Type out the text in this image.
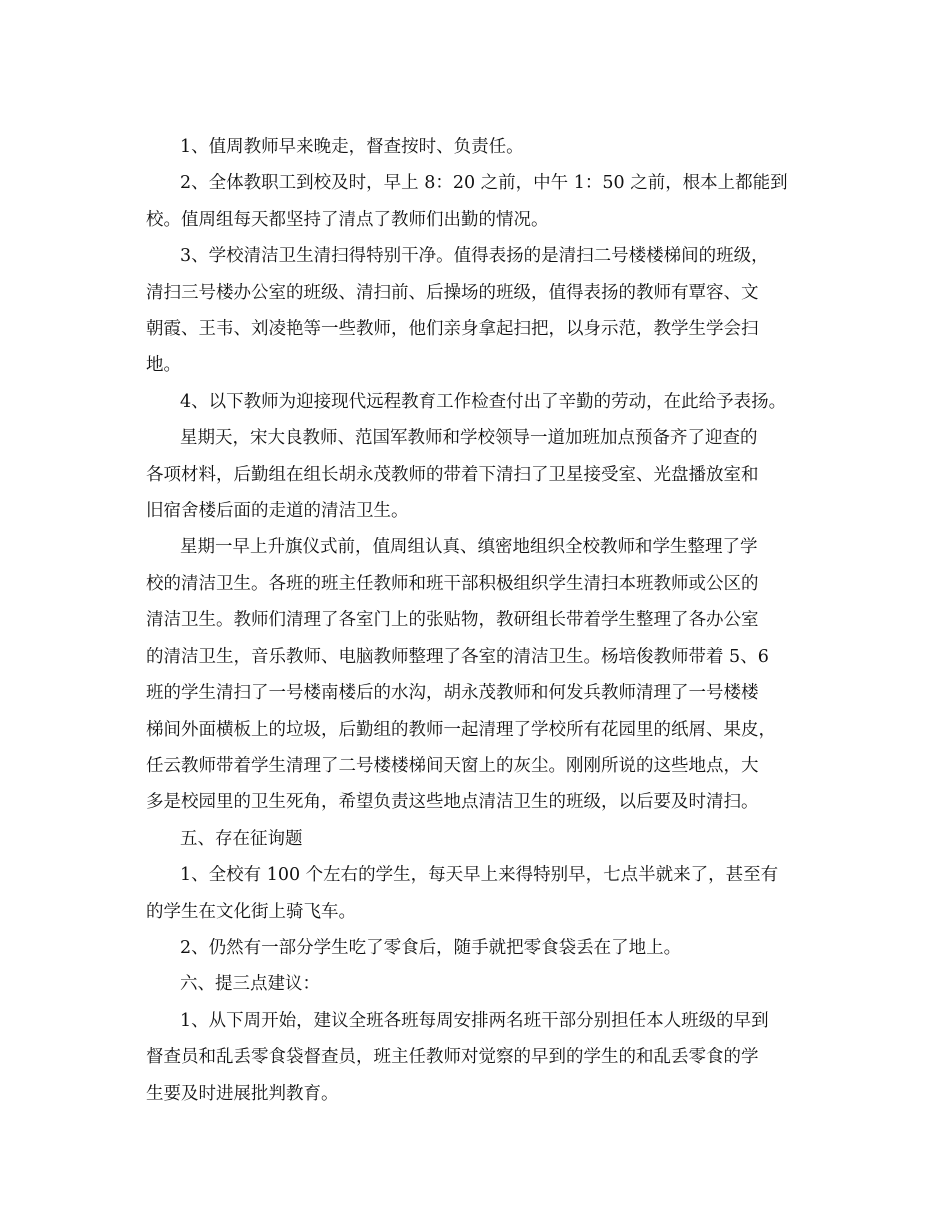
1、值周教师早来晚走，督查按时、负责任。

2、全体教职工到校及时，早上 8：20 之前，中午 1：50 之前，根本上都能到
校。值周组每天都坚持了清点了教师们出勤的情况。

3、学校清洁卫生清扫得特别干净。值得表扬的是清扫二号楼楼梯间的班级，
清扫三号楼办公室的班级、清扫前、后操场的班级，值得表扬的教师有覃容、文
朝霞、王韦、刘凌艳等一些教师，他们亲身拿起扫把，以身示范，教学生学会扫
地。

4、以下教师为迎接现代远程教育工作检查付出了辛勤的劳动，在此给予表扬。

星期天，宋大良教师、范国军教师和学校领导一道加班加点预备齐了迎查的
各项材料，后勤组在组长胡永茂教师的带着下清扫了卫星接受室、光盘播放室和
旧宿舍楼后面的走道的清洁卫生。

星期一早上升旗仪式前，值周组认真、缜密地组织全校教师和学生整理了学
校的清洁卫生。各班的班主任教师和班干部积极组织学生清扫本班教师或公区的
清洁卫生。教师们清理了各室门上的张贴物，教研组长带着学生整理了各办公室
的清洁卫生，音乐教师、电脑教师整理了各室的清洁卫生。杨培俊教师带着 5、6
班的学生清扫了一号楼南楼后的水沟，胡永茂教师和何发兵教师清理了一号楼楼
梯间外面横板上的垃圾，后勤组的教师一起清理了学校所有花园里的纸屑、果皮，
任云教师带着学生清理了二号楼楼梯间天窗上的灰尘。刚刚所说的这些地点，大
多是校园里的卫生死角，希望负责这些地点清洁卫生的班级，以后要及时清扫。

五、存在征询题

1、全校有 100 个左右的学生，每天早上来得特别早，七点半就来了，甚至有
的学生在文化街上骑飞车。

2、仍然有一部分学生吃了零食后，随手就把零食袋丢在了地上。

六、提三点建议：

1、从下周开始，建议全班各班每周安排两名班干部分别担任本人班级的早到
督查员和乱丢零食袋督查员，班主任教师对觉察的早到的学生的和乱丢零食的学
生要及时进展批判教育。
